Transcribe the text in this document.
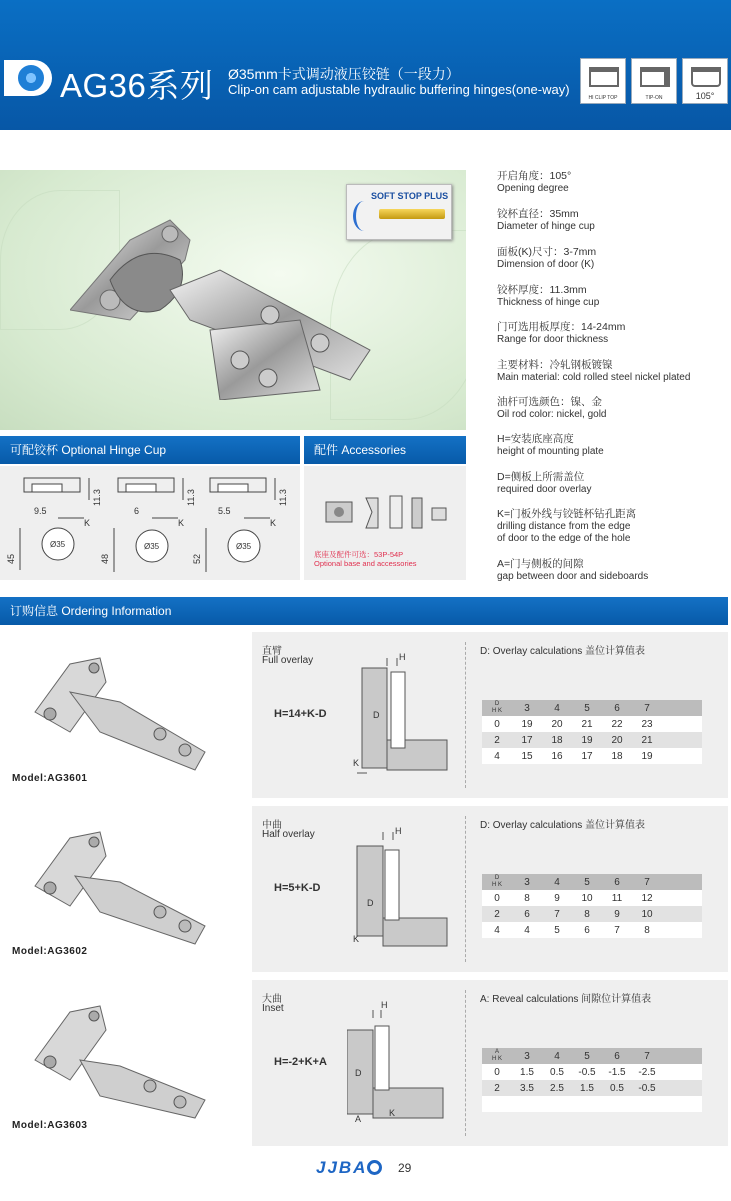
AG36系列 Ø35mm卡式调动液压铰链（一段力）
Clip-on cam adjustable hydraulic buffering hinges(one-way)
HI CLIP TOP	TIP-ON	105°
SOFT STOP PLUS
开启角度：105°
Opening degree
铰杯直径：35mm
Diameter of hinge cup
面板(K)尺寸：3-7mm
Dimension of door (K)
铰杯厚度：11.3mm
Thickness of hinge cup
门可选用板厚度：14-24mm
Range for door thickness
主要材料：冷轧钢板镀镍
Main material: cold rolled steel nickel plated
油杆可选颜色：镍、金
Oil rod color: nickel, gold
H=安装底座高度
height of mounting plate
D=侧板上所需盖位
required door overlay
K=门板外线与铰链杯钻孔距离
drilling distance from the edge
of door to the edge of the hole
A=门与侧板的间隙
gap between door and sideboards
可配铰杯 Optional Hinge Cup	配件 Accessories
9.5
11.3
45
Ø35
K
6
11.3
48
Ø35
K
5.5
11.3
52
Ø35
K
底座及配件可选：53P-54P
Optional base and accessories
订购信息 Ordering Information
Model:AG3601
直臂
Full overlay
H=14+K-D
H
D
K
D: Overlay calculations 盖位计算值表
D
H K	3	4	5	6	7	
0	19	20	21	22	23	
2	17	18	19	20	21	
4	15	16	17	18	19	
Model:AG3602
中曲
Half overlay
H=5+K-D
H
D
K
D: Overlay calculations 盖位计算值表
D
H K	3	4	5	6	7	
0	8	9	10	11	12	
2	6	7	8	9	10	
4	4	5	6	7	8	
Model:AG3603
大曲
Inset
H=-2+K+A
H
D
A
K
A: Reveal calculations 间隙位计算值表
A
H K	3	4	5	6	7	
0	1.5	0.5	-0.5	-1.5	-2.5	
2	3.5	2.5	1.5	0.5	-0.5	

JJBA	29
